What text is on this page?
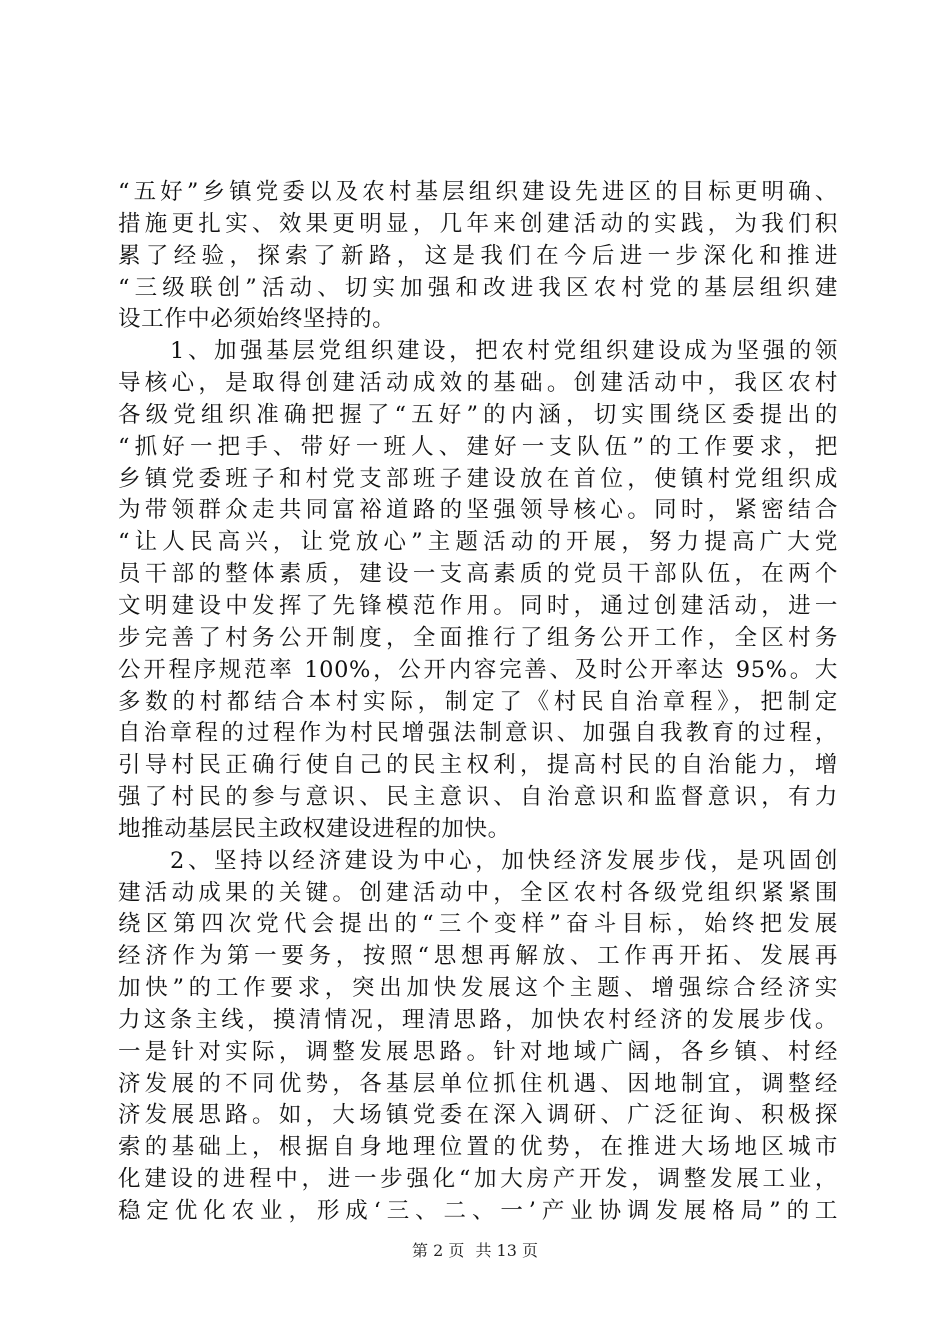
“五好”乡镇党委以及农村基层组织建设先进区的目标更明确、
措施更扎实、效果更明显，几年来创建活动的实践，为我们积
累了经验，探索了新路，这是我们在今后进一步深化和推进
“三级联创”活动、切实加强和改进我区农村党的基层组织建
设工作中必须始终坚持的。
1、加强基层党组织建设，把农村党组织建设成为坚强的领
导核心，是取得创建活动成效的基础。创建活动中，我区农村
各级党组织准确把握了“五好”的内涵，切实围绕区委提出的
“抓好一把手、带好一班人、建好一支队伍”的工作要求，把
乡镇党委班子和村党支部班子建设放在首位，使镇村党组织成
为带领群众走共同富裕道路的坚强领导核心。同时，紧密结合
“让人民高兴，让党放心”主题活动的开展，努力提高广大党
员干部的整体素质，建设一支高素质的党员干部队伍，在两个
文明建设中发挥了先锋模范作用。同时，通过创建活动，进一
步完善了村务公开制度，全面推行了组务公开工作，全区村务
公开程序规范率 100%，公开内容完善、及时公开率达 95%。大
多数的村都结合本村实际，制定了《村民自治章程》，把制定
自治章程的过程作为村民增强法制意识、加强自我教育的过程，
引导村民正确行使自己的民主权利，提高村民的自治能力，增
强了村民的参与意识、民主意识、自治意识和监督意识，有力
地推动基层民主政权建设进程的加快。
2、坚持以经济建设为中心，加快经济发展步伐，是巩固创
建活动成果的关键。创建活动中，全区农村各级党组织紧紧围
绕区第四次党代会提出的“三个变样”奋斗目标，始终把发展
经济作为第一要务，按照“思想再解放、工作再开拓、发展再
加快”的工作要求，突出加快发展这个主题、增强综合经济实
力这条主线，摸清情况，理清思路，加快农村经济的发展步伐。
一是针对实际，调整发展思路。针对地域广阔，各乡镇、村经
济发展的不同优势，各基层单位抓住机遇、因地制宜，调整经
济发展思路。如，大场镇党委在深入调研、广泛征询、积极探
索的基础上，根据自身地理位置的优势，在推进大场地区城市
化建设的进程中，进一步强化“加大房产开发，调整发展工业，
稳定优化农业，形成‘三、二、一’产业协调发展格局”的工
第 2 页 共 13 页
